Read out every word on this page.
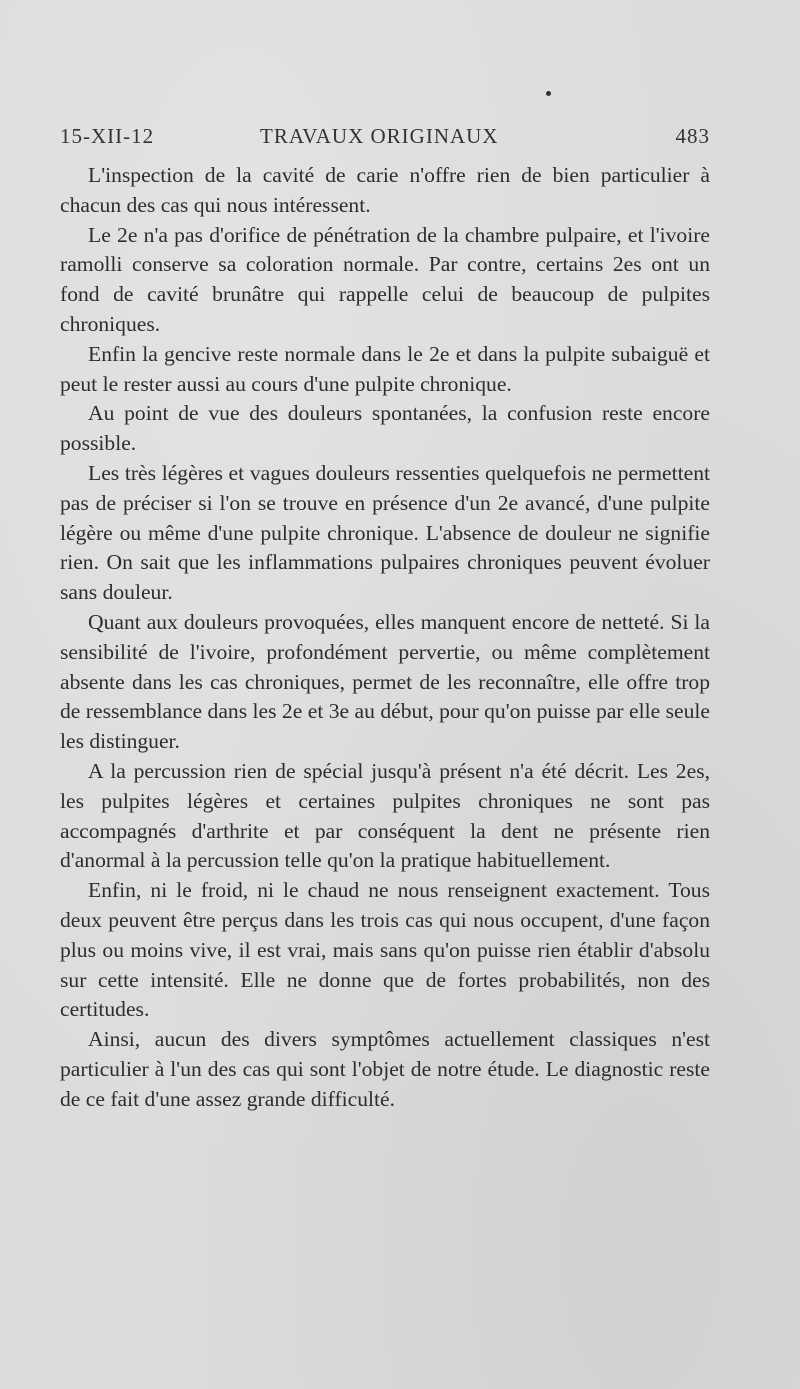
15-XII-12	TRAVAUX ORIGINAUX	483

L'inspection de la cavité de carie n'offre rien de bien particulier à chacun des cas qui nous intéressent.

Le 2e n'a pas d'orifice de pénétration de la chambre pulpaire, et l'ivoire ramolli conserve sa coloration normale. Par contre, certains 2es ont un fond de cavité brunâtre qui rappelle celui de beaucoup de pulpites chroniques.

Enfin la gencive reste normale dans le 2e et dans la pulpite subaiguë et peut le rester aussi au cours d'une pulpite chronique.

Au point de vue des douleurs spontanées, la confusion reste encore possible.

Les très légères et vagues douleurs ressenties quelquefois ne permettent pas de préciser si l'on se trouve en présence d'un 2e avancé, d'une pulpite légère ou même d'une pulpite chronique. L'absence de douleur ne signifie rien. On sait que les inflammations pulpaires chroniques peuvent évoluer sans douleur.

Quant aux douleurs provoquées, elles manquent encore de netteté. Si la sensibilité de l'ivoire, profondément pervertie, ou même complètement absente dans les cas chroniques, permet de les reconnaître, elle offre trop de ressemblance dans les 2e et 3e au début, pour qu'on puisse par elle seule les distinguer.

A la percussion rien de spécial jusqu'à présent n'a été décrit. Les 2es, les pulpites légères et certaines pulpites chroniques ne sont pas accompagnés d'arthrite et par conséquent la dent ne présente rien d'anormal à la percussion telle qu'on la pratique habituellement.

Enfin, ni le froid, ni le chaud ne nous renseignent exactement. Tous deux peuvent être perçus dans les trois cas qui nous occupent, d'une façon plus ou moins vive, il est vrai, mais sans qu'on puisse rien établir d'absolu sur cette intensité. Elle ne donne que de fortes probabilités, non des certitudes.

Ainsi, aucun des divers symptômes actuellement classiques n'est particulier à l'un des cas qui sont l'objet de notre étude. Le diagnostic reste de ce fait d'une assez grande difficulté.
